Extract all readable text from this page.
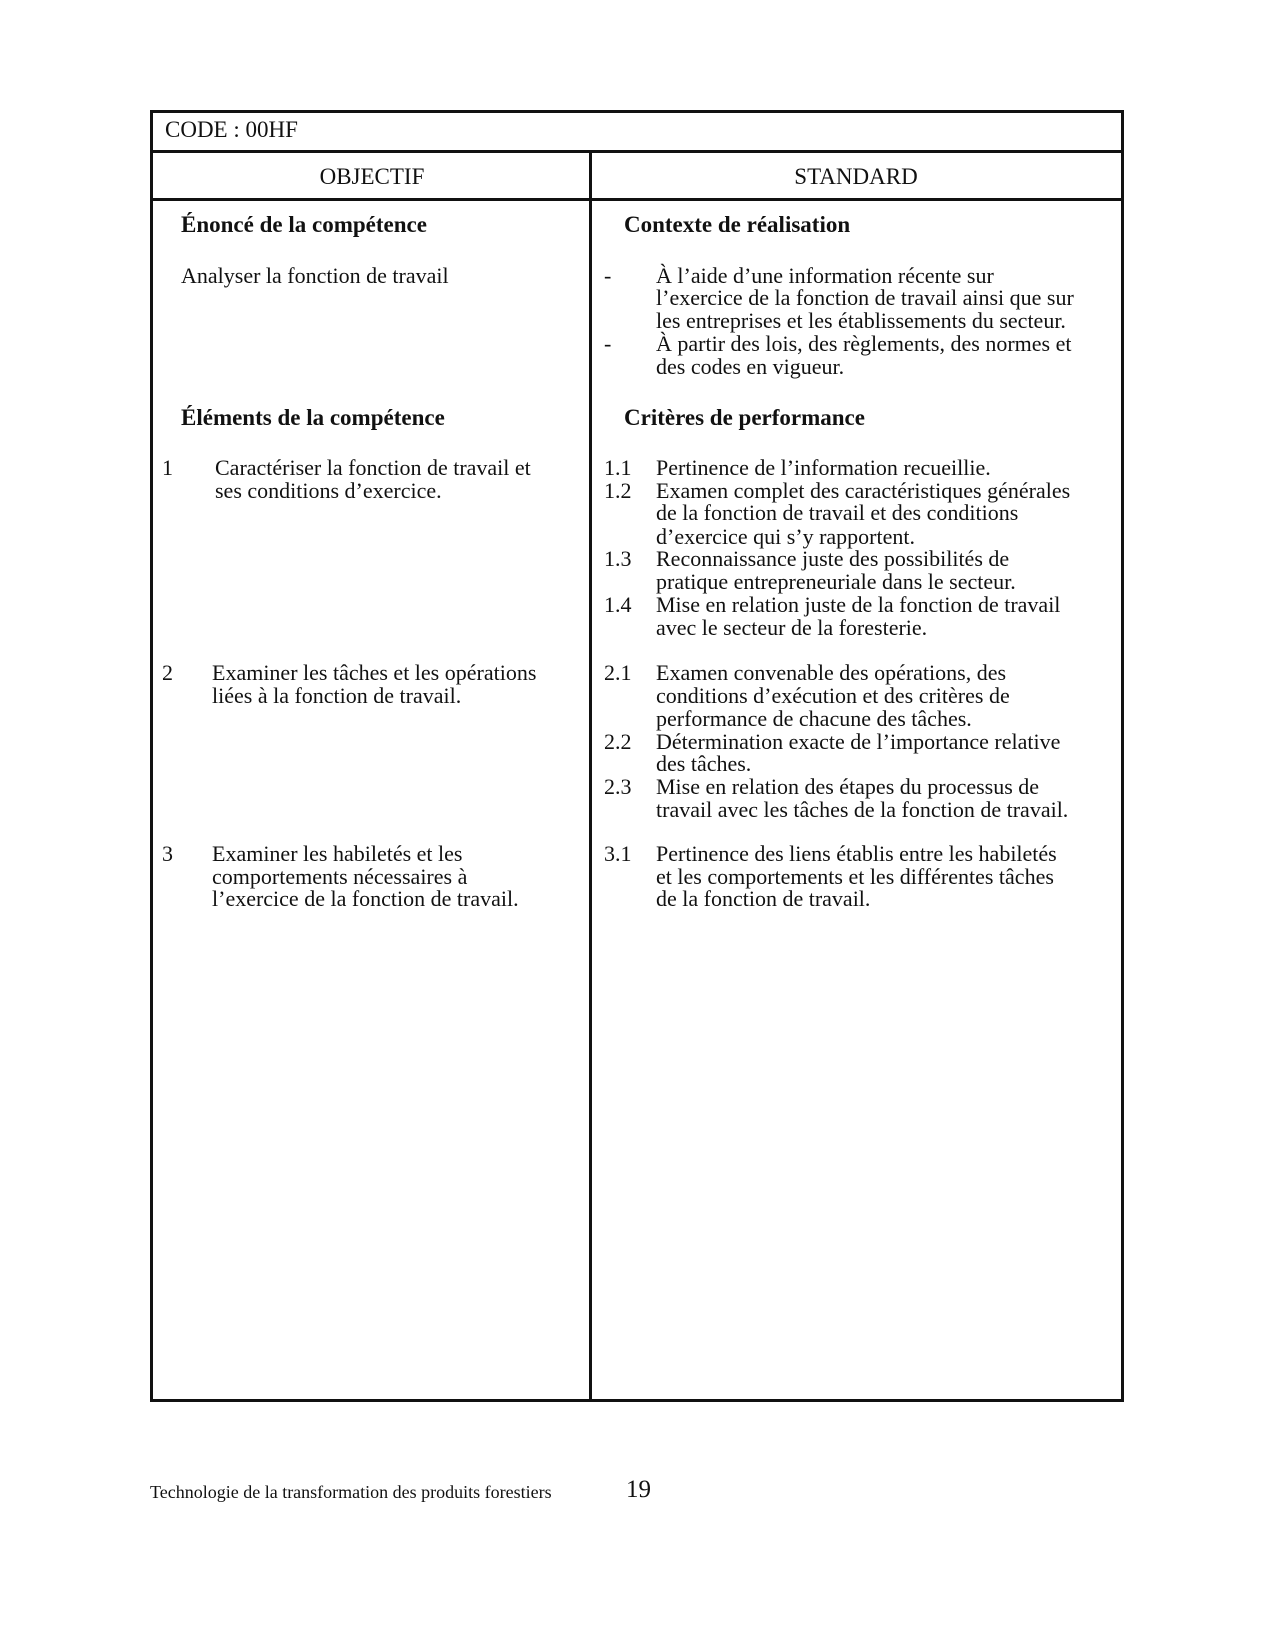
CODE : 00HF
OBJECTIF	STANDARD
Énoncé de la compétence
Analyser la fonction de travail
Éléments de la compétence
1 Caractériser la fonction de travail et
ses conditions d’exercice.
2 Examiner les tâches et les opérations
liées à la fonction de travail.
3 Examiner les habiletés et les
comportements nécessaires à
l’exercice de la fonction de travail.
Contexte de réalisation
- À l’aide d’une information récente sur
l’exercice de la fonction de travail ainsi que sur
les entreprises et les établissements du secteur.
- À partir des lois, des règlements, des normes et
des codes en vigueur.
Critères de performance
1.1 Pertinence de l’information recueillie.
1.2 Examen complet des caractéristiques générales
de la fonction de travail et des conditions
d’exercice qui s’y rapportent.
1.3 Reconnaissance juste des possibilités de
pratique entrepreneuriale dans le secteur.
1.4 Mise en relation juste de la fonction de travail
avec le secteur de la foresterie.
2.1 Examen convenable des opérations, des
conditions d’exécution et des critères de
performance de chacune des tâches.
2.2 Détermination exacte de l’importance relative
des tâches.
2.3 Mise en relation des étapes du processus de
travail avec les tâches de la fonction de travail.
3.1 Pertinence des liens établis entre les habiletés
et les comportements et les différentes tâches
de la fonction de travail.
Technologie de la transformation des produits forestiers	19
